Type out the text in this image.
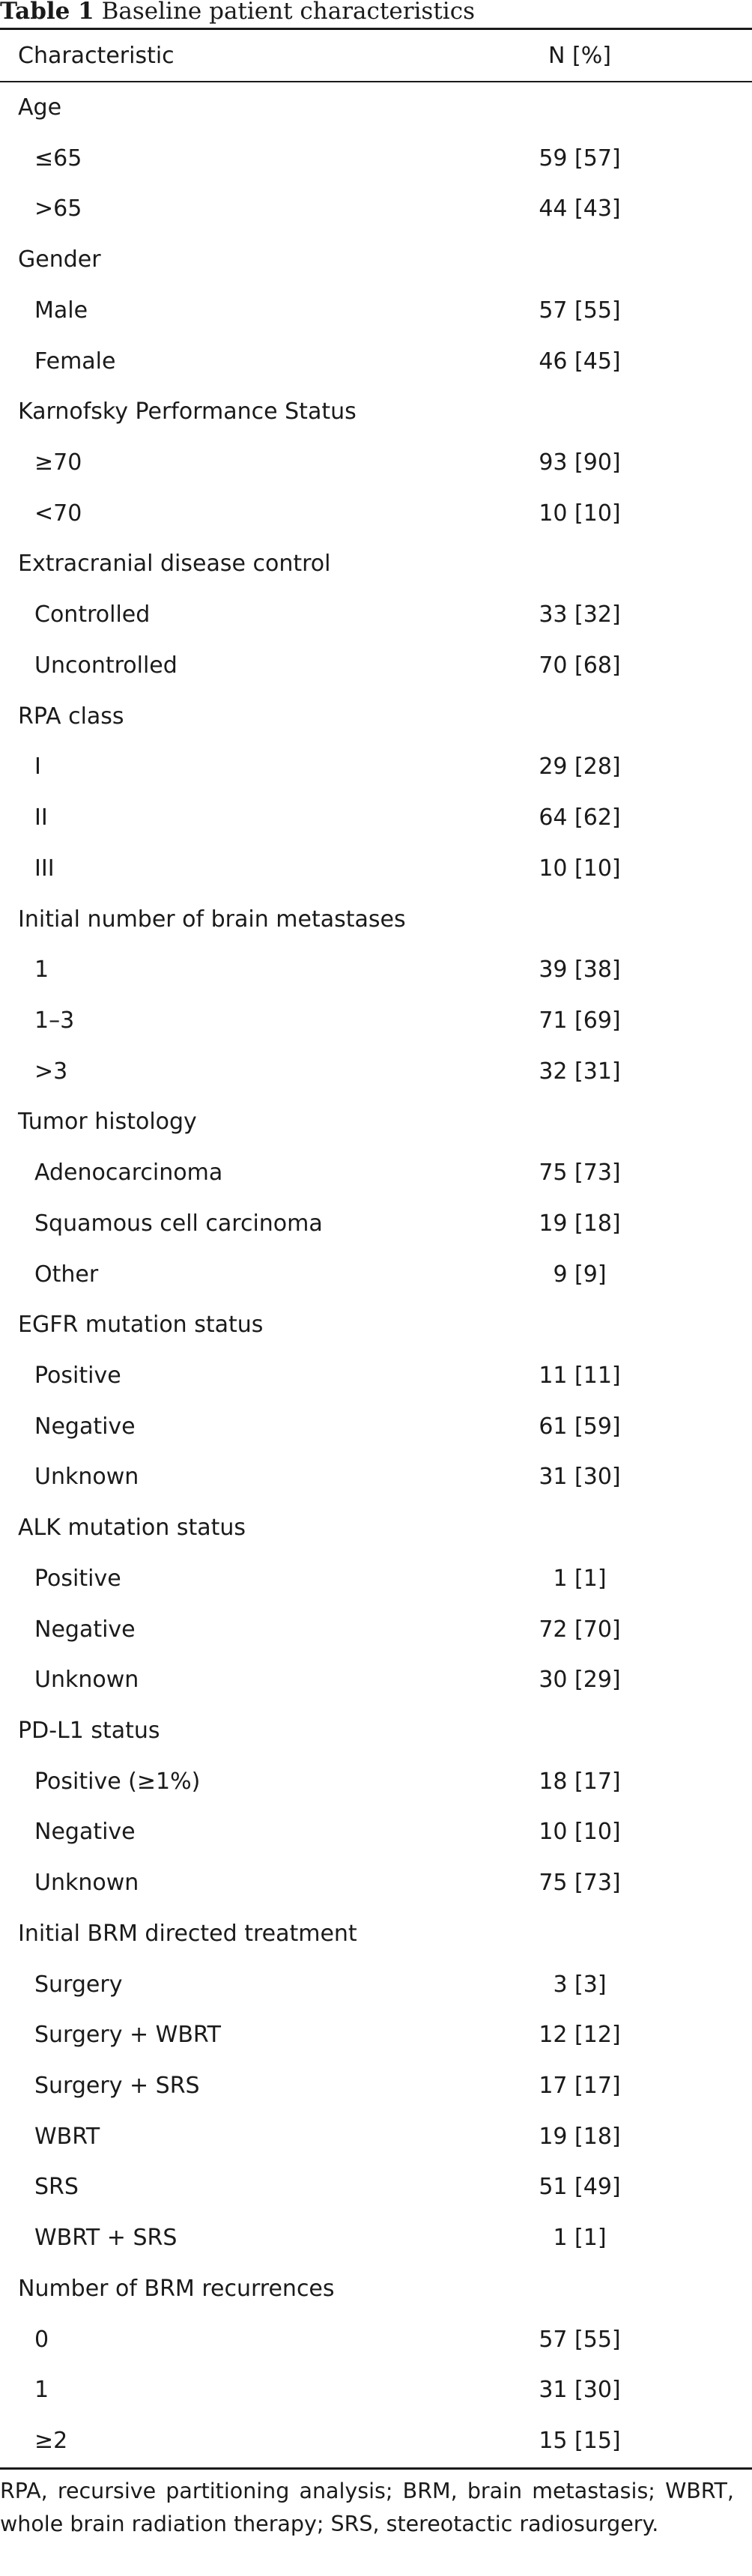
Table 1 Baseline patient characteristics
Characteristic	N [%]
Age
≤65	59 [57]
>65	44 [43]
Gender
Male	57 [55]
Female	46 [45]
Karnofsky Performance Status
≥70	93 [90]
<70	10 [10]
Extracranial disease control
Controlled	33 [32]
Uncontrolled	70 [68]
RPA class
I	29 [28]
II	64 [62]
III	10 [10]
Initial number of brain metastases
1	39 [38]
1–3	71 [69]
>3	32 [31]
Tumor histology
Adenocarcinoma	75 [73]
Squamous cell carcinoma	19 [18]
Other	9 [9]
EGFR mutation status
Positive	11 [11]
Negative	61 [59]
Unknown	31 [30]
ALK mutation status
Positive	1 [1]
Negative	72 [70]
Unknown	30 [29]
PD-L1 status
Positive (≥1%)	18 [17]
Negative	10 [10]
Unknown	75 [73]
Initial BRM directed treatment
Surgery	3 [3]
Surgery + WBRT	12 [12]
Surgery + SRS	17 [17]
WBRT	19 [18]
SRS	51 [49]
WBRT + SRS	1 [1]
Number of BRM recurrences
0	57 [55]
1	31 [30]
≥2	15 [15]
RPA, recursive partitioning analysis; BRM, brain metastasis; WBRT, whole brain radiation therapy; SRS, stereotactic radiosurgery.
